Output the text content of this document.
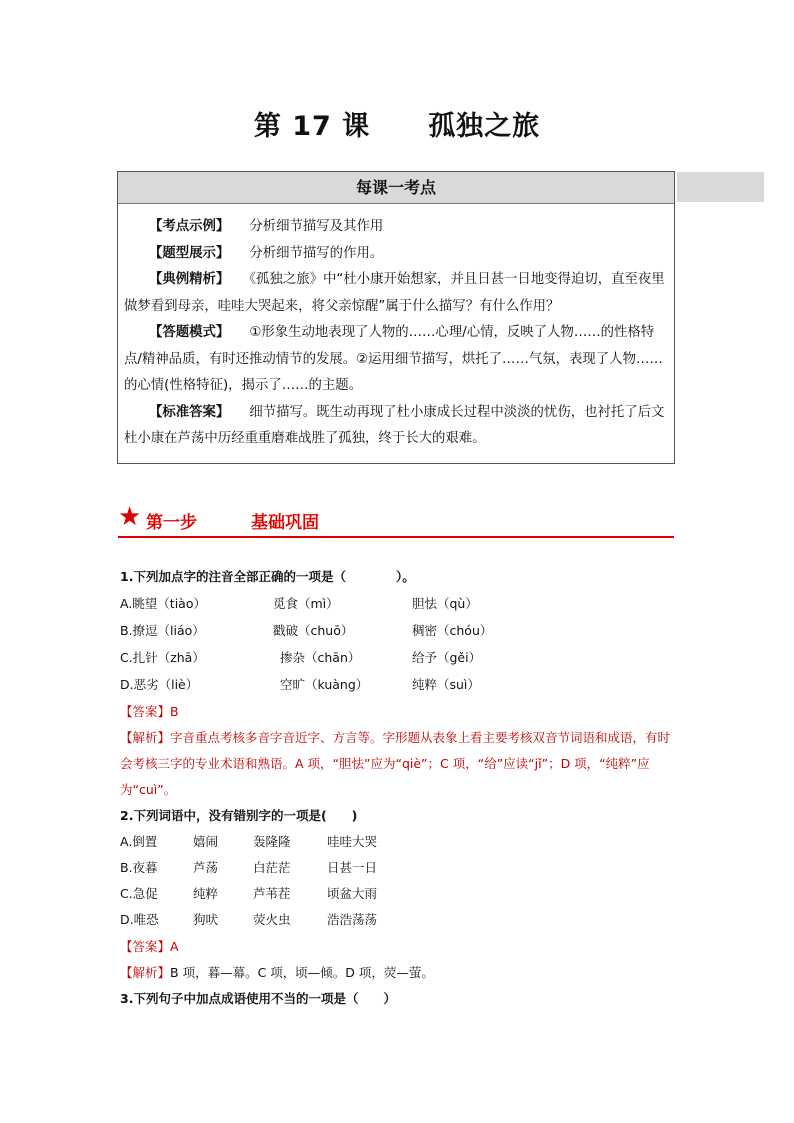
第 17 课 孤独之旅
每课一考点
【考点示例】 分析细节描写及其作用
【题型展示】 分析细节描写的作用。
【典例精析】 《孤独之旅》中“杜小康开始想家，并且日甚一日地变得迫切，直至夜里做梦看到母亲，哇哇大哭起来，将父亲惊醒”属于什么描写？有什么作用？
【答题模式】 ①形象生动地表现了人物的……心理/心情，反映了人物……的性格特点/精神品质，有时还推动情节的发展。②运用细节描写，烘托了……气氛，表现了人物……的心情(性格特征)，揭示了……的主题。
【标准答案】 细节描写。既生动再现了杜小康成长过程中淡淡的忧伤，也衬托了后文杜小康在芦荡中历经重重磨难战胜了孤独，终于长大的艰难。
★ 第一步	基础巩固

1.下列加点字的注音全部正确的一项是（　　　　）。

A.眺望（tiào）	觅食（mì）	胆怯（qù）
B.撩逗（liáo）	戳破（chuō）	稠密（chóu）
C.扎针（zhā）	掺杂（chān）	给予（gěi）
D.恶劣（liè）	空旷（kuàng）	纯粹（suì）
【答案】B
【解析】字音重点考核多音字音近字、方言等。字形题从表象上看主要考核双音节词语和成语，有时会考核三字的专业术语和熟语。A 项，“胆怯”应为“qiè”；C 项，“给”应读“jǐ”；D 项，“纯粹”应为“cuì”。

2.下列词语中，没有错别字的一项是(　　)

A.倒置	嬉闹	轰隆隆	哇哇大哭
B.夜暮	芦荡	白茫茫	日甚一日
C.急促	纯粹	芦苇茬	顷盆大雨
D.唯恐	狗吠	荧火虫	浩浩荡荡
【答案】A
【解析】B 项，暮—幕。C 项，顷—倾。D 项，荧—萤。

3.下列句子中加点成语使用不当的一项是（　　）
